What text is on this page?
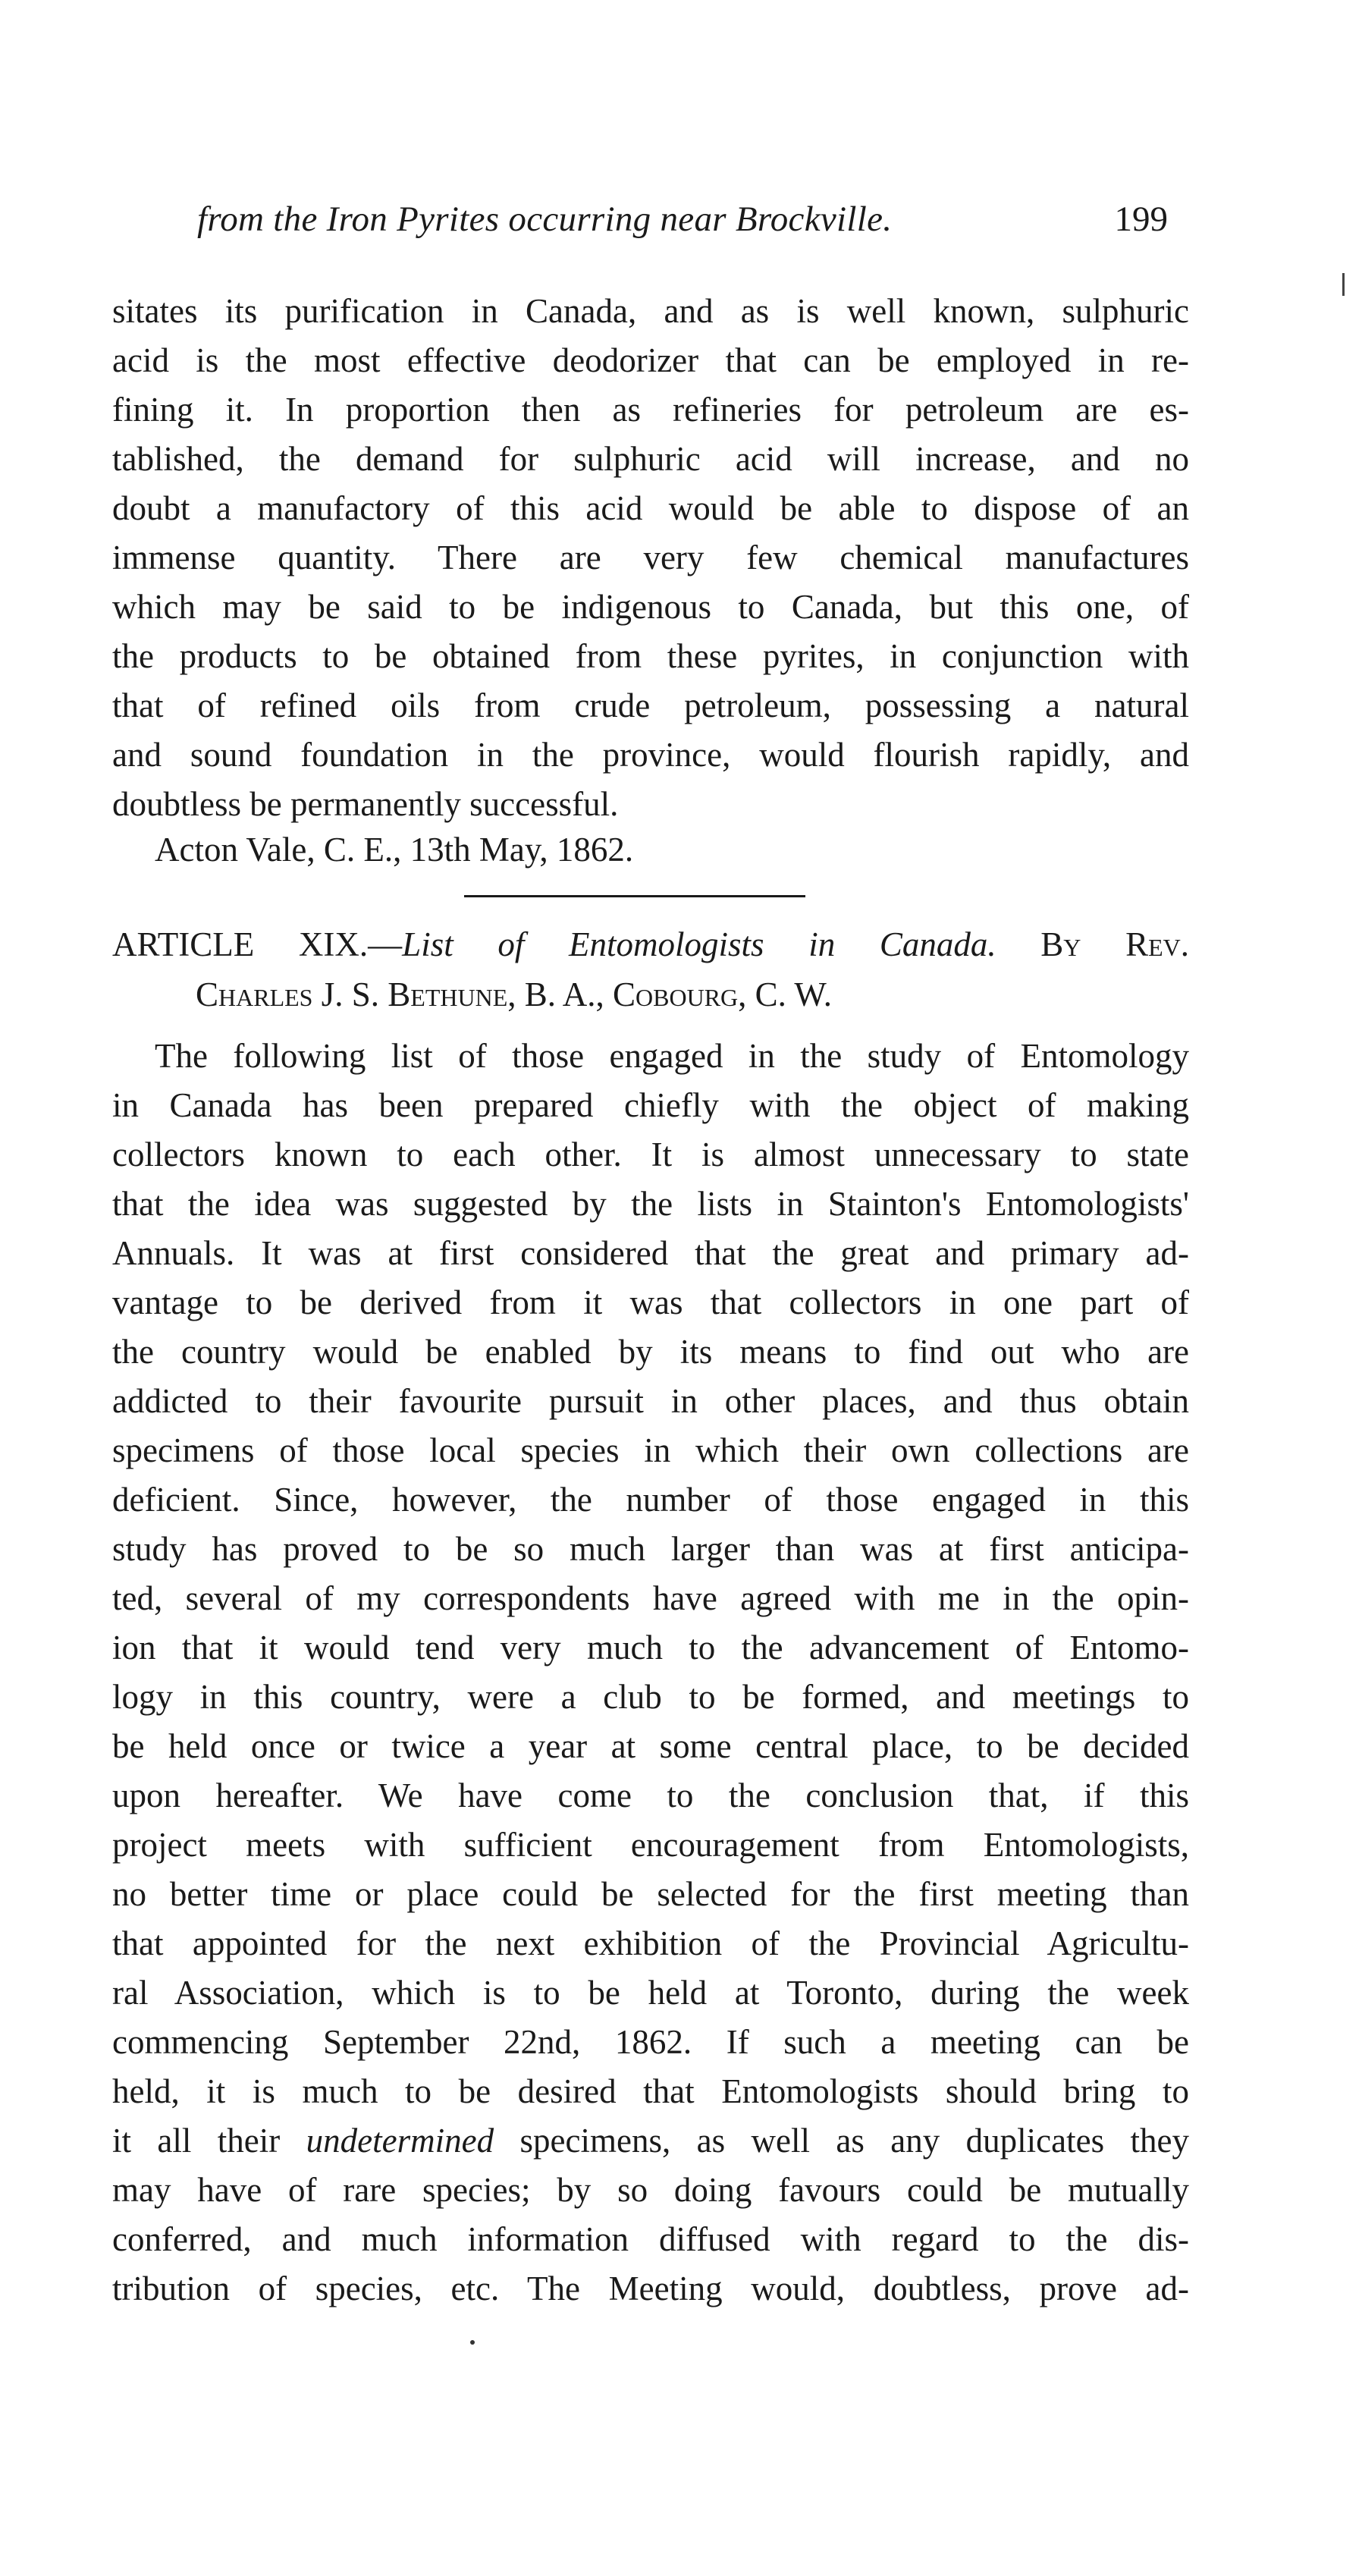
from the Iron Pyrites occurring near Brockville.	199
sitates its purification in Canada, and as is well known, sulphuric
acid is the most effective deodorizer that can be employed in re-
fining it. In proportion then as refineries for petroleum are es-
tablished, the demand for sulphuric acid will increase, and no
doubt a manufactory of this acid would be able to dispose of an
immense quantity. There are very few chemical manufactures
which may be said to be indigenous to Canada, but this one, of
the products to be obtained from these pyrites, in conjunction with
that of refined oils from crude petroleum, possessing a natural
and sound foundation in the province, would flourish rapidly, and
doubtless be permanently successful.
Acton Vale, C. E., 13th May, 1862.
ARTICLE XIX.—List of Entomologists in Canada. By Rev.
Charles J. S. Bethune, B. A., Cobourg, C. W.
The following list of those engaged in the study of Entomology
in Canada has been prepared chiefly with the object of making
collectors known to each other. It is almost unnecessary to state
that the idea was suggested by the lists in Stainton's Entomologists'
Annuals. It was at first considered that the great and primary ad-
vantage to be derived from it was that collectors in one part of
the country would be enabled by its means to find out who are
addicted to their favourite pursuit in other places, and thus obtain
specimens of those local species in which their own collections are
deficient. Since, however, the number of those engaged in this
study has proved to be so much larger than was at first anticipa-
ted, several of my correspondents have agreed with me in the opin-
ion that it would tend very much to the advancement of Entomo-
logy in this country, were a club to be formed, and meetings to
be held once or twice a year at some central place, to be decided
upon hereafter. We have come to the conclusion that, if this
project meets with sufficient encouragement from Entomologists,
no better time or place could be selected for the first meeting than
that appointed for the next exhibition of the Provincial Agricultu-
ral Association, which is to be held at Toronto, during the week
commencing September 22nd, 1862. If such a meeting can be
held, it is much to be desired that Entomologists should bring to
it all their undetermined specimens, as well as any duplicates they
may have of rare species; by so doing favours could be mutually
conferred, and much information diffused with regard to the dis-
tribution of species, etc. The Meeting would, doubtless, prove ad-
